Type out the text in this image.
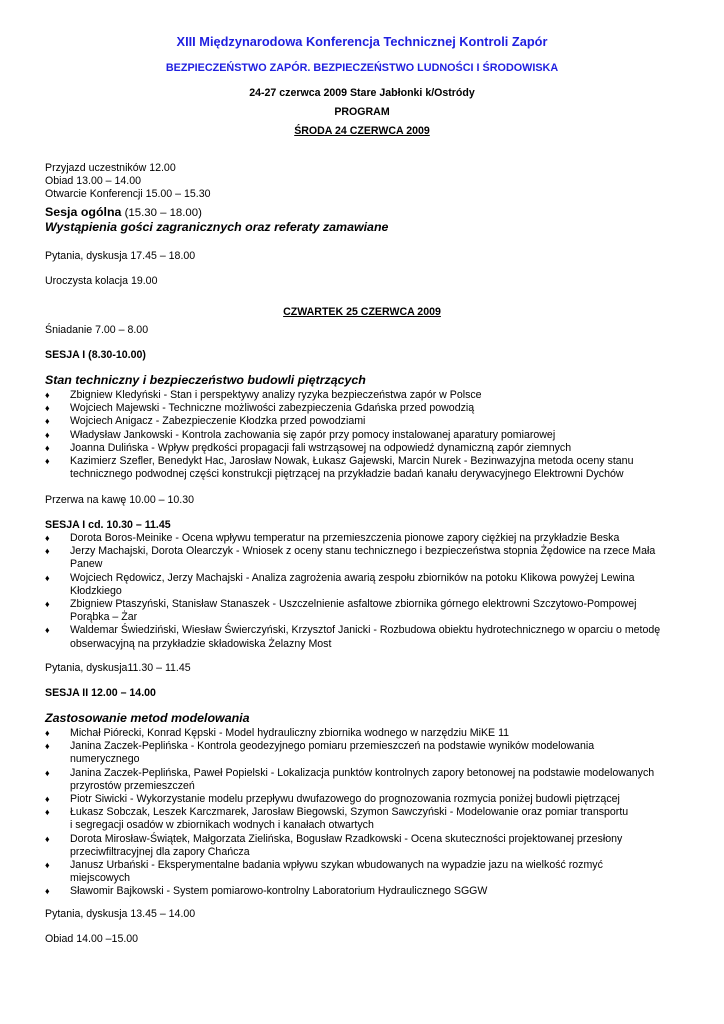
XIII Międzynarodowa Konferencja Technicznej Kontroli Zapór
BEZPIECZEŃSTWO ZAPÓR. BEZPIECZEŃSTWO LUDNOŚCI I ŚRODOWISKA
24-27 czerwca 2009 Stare Jabłonki k/Ostródy
PROGRAM
ŚRODA 24 CZERWCA 2009
Przyjazd uczestników 12.00
Obiad 13.00 – 14.00
Otwarcie Konferencji 15.00 – 15.30
Sesja ogólna (15.30 – 18.00)
Wystąpienia gości zagranicznych oraz referaty zamawiane
Pytania, dyskusja 17.45 – 18.00
Uroczysta kolacja 19.00
CZWARTEK 25 CZERWCA 2009
Śniadanie 7.00 – 8.00
SESJA I (8.30-10.00)
Stan techniczny i bezpieczeństwo budowli piętrzących
♦ Zbigniew Kledyński - Stan i perspektywy analizy ryzyka bezpieczeństwa zapór w Polsce
♦ Wojciech Majewski - Techniczne możliwości zabezpieczenia Gdańska przed powodzią
♦ Wojciech Anigacz - Zabezpieczenie Kłodzka przed powodziami
♦ Władysław Jankowski - Kontrola zachowania się zapór przy pomocy instalowanej aparatury pomiarowej
♦ Joanna Dulińska - Wpływ prędkości propagacji fali wstrząsowej na odpowiedź dynamiczną zapór ziemnych
♦ Kazimierz Szefler, Benedykt Hac, Jarosław Nowak, Łukasz Gajewski, Marcin Nurek - Bezinwazyjna metoda oceny stanu
technicznego podwodnej części konstrukcji piętrzącej na przykładzie badań kanału derywacyjnego Elektrowni Dychów
Przerwa na kawę 10.00 – 10.30
SESJA I cd. 10.30 – 11.45
♦ Dorota Boros-Meinike - Ocena wpływu temperatur na przemieszczenia pionowe zapory ciężkiej na przykładzie Beska
♦ Jerzy Machajski, Dorota Olearczyk - Wniosek z oceny stanu technicznego i bezpieczeństwa stopnia Żędowice na rzece Mała
Panew
♦ Wojciech Rędowicz, Jerzy Machajski - Analiza zagrożenia awarią zespołu zbiorników na potoku Klikowa powyżej Lewina
Kłodzkiego
♦ Zbigniew Ptaszyński, Stanisław Stanaszek - Uszczelnienie asfaltowe zbiornika górnego elektrowni Szczytowo-Pompowej
Porąbka – Żar
♦ Waldemar Świedziński, Wiesław Świerczyński, Krzysztof Janicki - Rozbudowa obiektu hydrotechnicznego w oparciu o metodę
obserwacyjną na przykładzie składowiska Żelazny Most
Pytania, dyskusja11.30 – 11.45
SESJA II 12.00 – 14.00
Zastosowanie metod modelowania
♦ Michał Piórecki, Konrad Kępski - Model hydrauliczny zbiornika wodnego w narzędziu MiKE 11
♦ Janina Zaczek-Peplińska - Kontrola geodezyjnego pomiaru przemieszczeń na podstawie wyników modelowania
numerycznego
♦ Janina Zaczek-Peplińska, Paweł Popielski - Lokalizacja punktów kontrolnych zapory betonowej na podstawie modelowanych
przyrostów przemieszczeń
♦ Piotr Siwicki - Wykorzystanie modelu przepływu dwufazowego do prognozowania rozmycia poniżej budowli piętrzącej
♦ Łukasz Sobczak, Leszek Karczmarek, Jarosław Biegowski, Szymon Sawczyński - Modelowanie oraz pomiar transportu
i segregacji osadów w zbiornikach wodnych i kanałach otwartych
♦ Dorota Mirosław-Świątek, Małgorzata Zielińska, Bogusław Rzadkowski - Ocena skuteczności projektowanej przesłony
przeciwfiltracyjnej dla zapory Chańcza
♦ Janusz Urbański - Eksperymentalne badania wpływu szykan wbudowanych na wypadzie jazu na wielkość rozmyć
miejscowych
♦ Sławomir Bajkowski - System pomiarowo-kontrolny Laboratorium Hydraulicznego SGGW
Pytania, dyskusja 13.45 – 14.00
Obiad 14.00 –15.00
